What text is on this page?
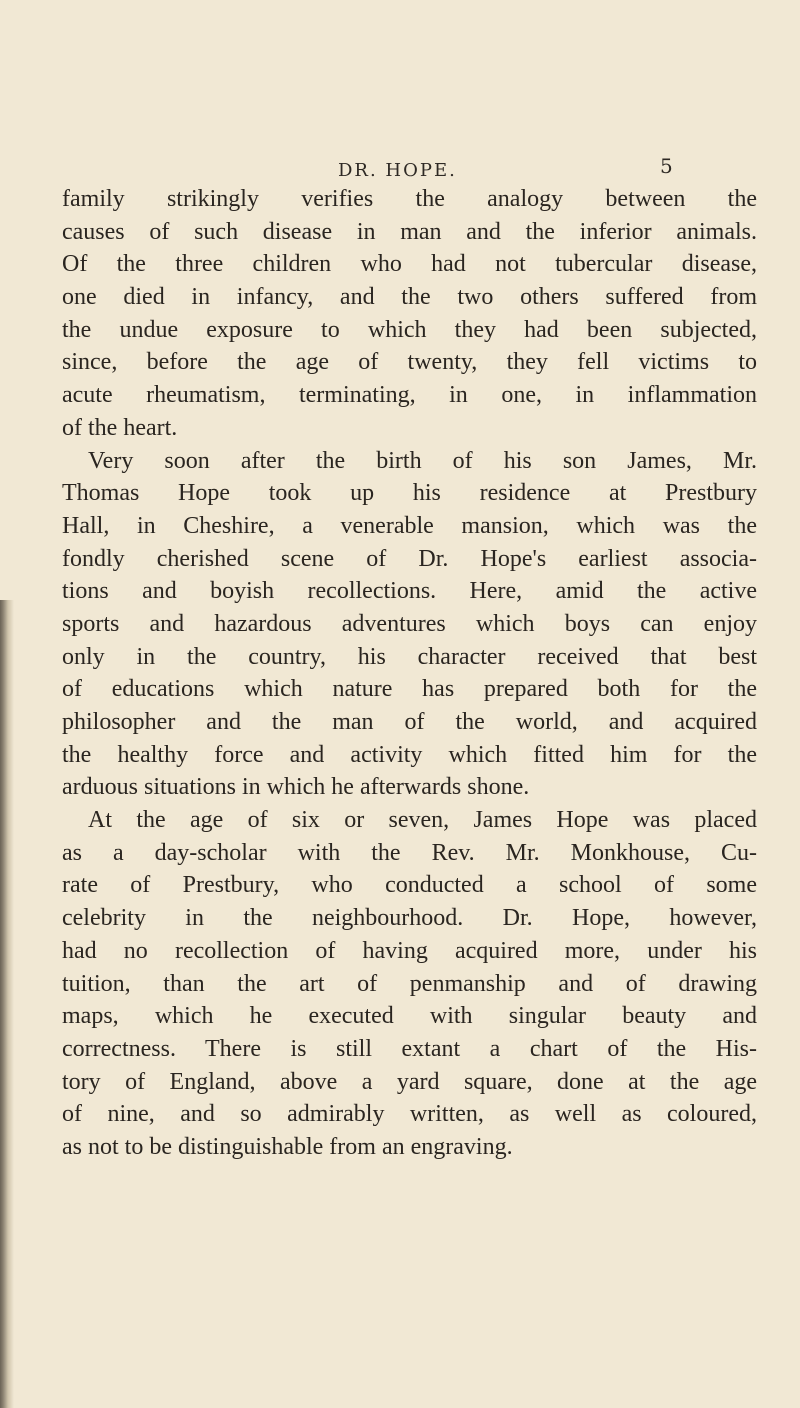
DR. HOPE.	5
family strikingly verifies the analogy between the
causes of such disease in man and the inferior animals.
Of the three children who had not tubercular disease,
one died in infancy, and the two others suffered from
the undue exposure to which they had been subjected,
since, before the age of twenty, they fell victims to
acute rheumatism, terminating, in one, in inflammation
of the heart.
Very soon after the birth of his son James, Mr.
Thomas Hope took up his residence at Prestbury
Hall, in Cheshire, a venerable mansion, which was the
fondly cherished scene of Dr. Hope's earliest associa-
tions and boyish recollections. Here, amid the active
sports and hazardous adventures which boys can enjoy
only in the country, his character received that best
of educations which nature has prepared both for the
philosopher and the man of the world, and acquired
the healthy force and activity which fitted him for the
arduous situations in which he afterwards shone.
At the age of six or seven, James Hope was placed
as a day-scholar with the Rev. Mr. Monkhouse, Cu-
rate of Prestbury, who conducted a school of some
celebrity in the neighbourhood. Dr. Hope, however,
had no recollection of having acquired more, under his
tuition, than the art of penmanship and of drawing
maps, which he executed with singular beauty and
correctness. There is still extant a chart of the His-
tory of England, above a yard square, done at the age
of nine, and so admirably written, as well as coloured,
as not to be distinguishable from an engraving.
